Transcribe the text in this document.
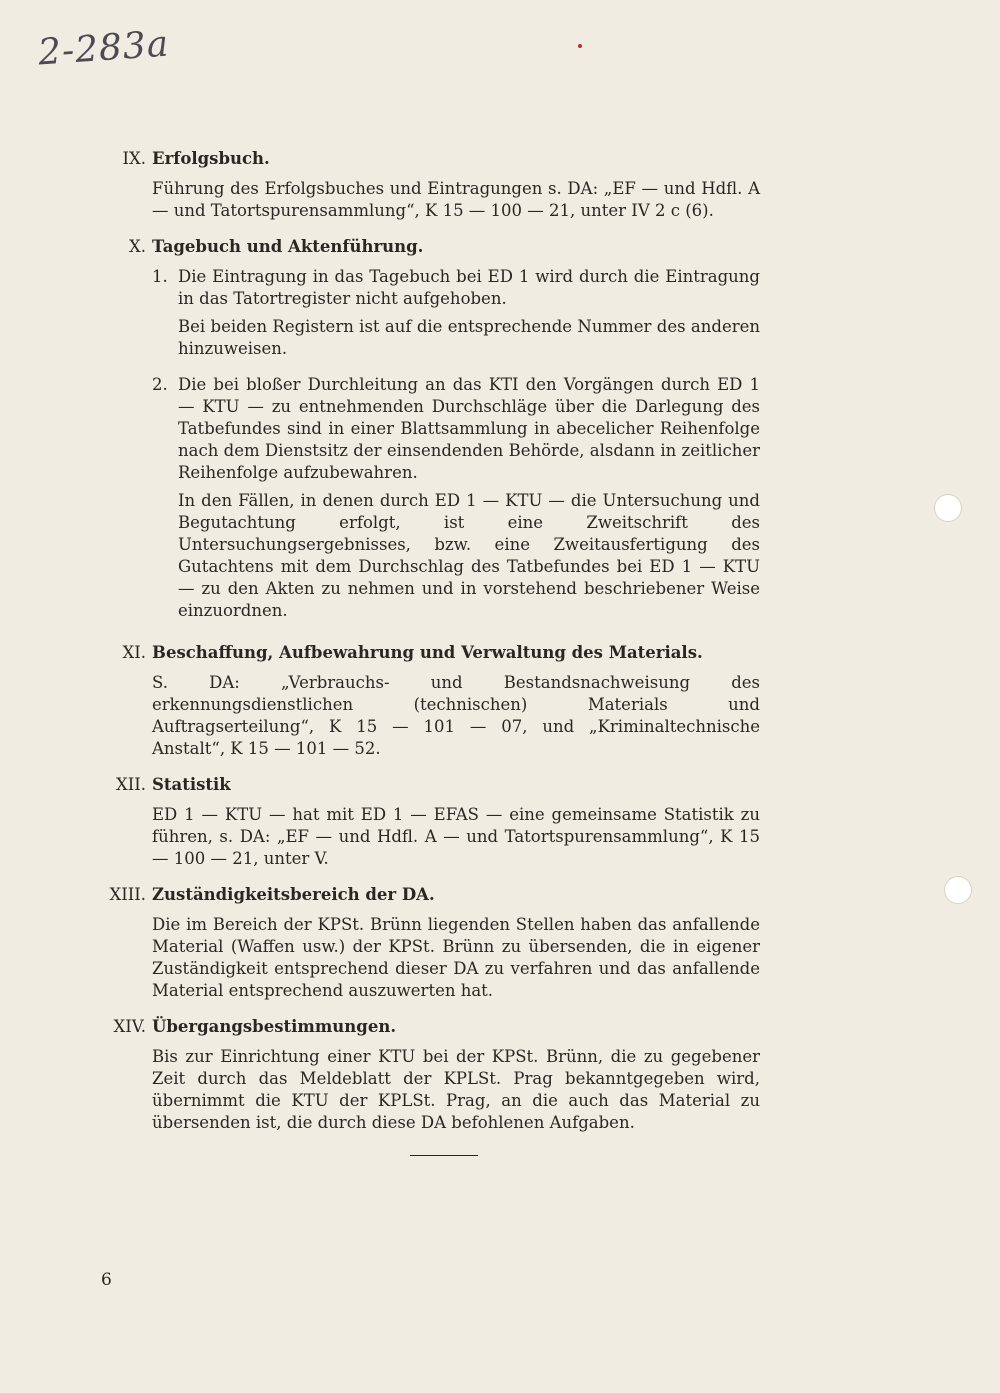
2-283a
IX. Erfolgsbuch.

Führung des Erfolgsbuches und Eintragungen s. DA: „EF — und Hdfl. A — und Tatortspurensammlung“, K 15 — 100 — 21, unter IV 2 c (6).

X. Tagebuch und Aktenführung.
1. Die Eintragung in das Tagebuch bei ED 1 wird durch die Eintragung in das Tatortregister nicht aufgehoben.

Bei beiden Registern ist auf die entsprechende Nummer des anderen hinzuweisen.

2. Die bei bloßer Durchleitung an das KTI den Vorgängen durch ED 1 — KTU — zu entnehmenden Durchschläge über die Darlegung des Tatbefundes sind in einer Blattsammlung in abecelicher Reihenfolge nach dem Dienstsitz der einsendenden Behörde, alsdann in zeitlicher Reihenfolge aufzubewahren.

In den Fällen, in denen durch ED 1 — KTU — die Untersuchung und Begutachtung erfolgt, ist eine Zweitschrift des Untersuchungsergebnisses, bzw. eine Zweitausfertigung des Gutachtens mit dem Durchschlag des Tatbefundes bei ED 1 — KTU — zu den Akten zu nehmen und in vorstehend beschriebener Weise einzuordnen.

XI. Beschaffung, Aufbewahrung und Verwaltung des Materials.

S. DA: „Verbrauchs- und Bestandsnachweisung des erkennungsdienstlichen (technischen) Materials und Auftragserteilung“, K 15 — 101 — 07, und „Kriminaltechnische Anstalt“, K 15 — 101 — 52.

XII. Statistik

ED 1 — KTU — hat mit ED 1 — EFAS — eine gemeinsame Statistik zu führen, s. DA: „EF — und Hdfl. A — und Tatortspurensammlung“, K 15 — 100 — 21, unter V.

XIII. Zuständigkeitsbereich der DA.

Die im Bereich der KPSt. Brünn liegenden Stellen haben das anfallende Material (Waffen usw.) der KPSt. Brünn zu übersenden, die in eigener Zuständigkeit entsprechend dieser DA zu verfahren und das anfallende Material entsprechend auszuwerten hat.

XIV. Übergangsbestimmungen.

Bis zur Einrichtung einer KTU bei der KPSt. Brünn, die zu gegebener Zeit durch das Meldeblatt der KPLSt. Prag bekanntgegeben wird, übernimmt die KTU der KPLSt. Prag, an die auch das Material zu übersenden ist, die durch diese DA befohlenen Aufgaben.

6
